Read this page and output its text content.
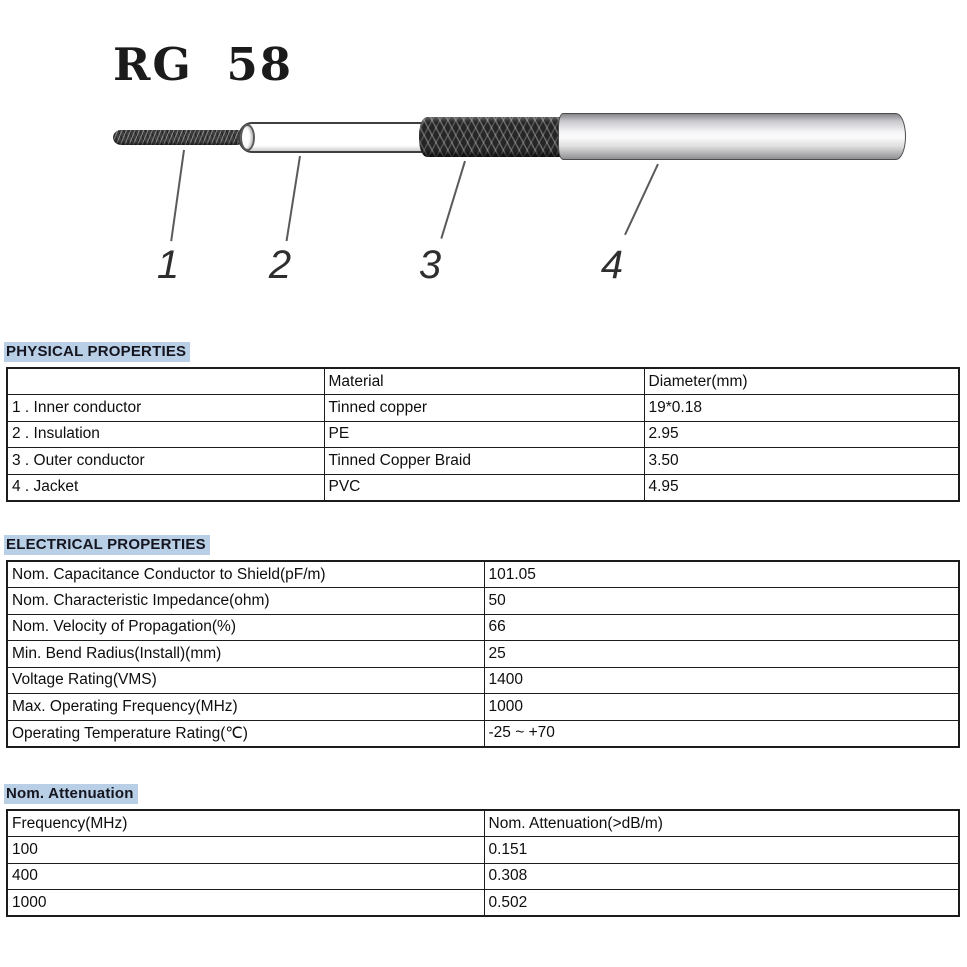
RG 58
1 2	3	4
PHYSICAL PROPERTIES
	Material	Diameter(mm)
1 . Inner conductor	Tinned copper	19*0.18
2 . Insulation	PE	2.95
3 . Outer conductor	Tinned Copper Braid	3.50
4 . Jacket	PVC	4.95
ELECTRICAL PROPERTIES
Nom. Capacitance Conductor to Shield(pF/m)	101.05
Nom. Characteristic Impedance(ohm)	50
Nom. Velocity of Propagation(%)	66
Min. Bend Radius(Install)(mm)	25
Voltage Rating(VMS)	1400
Max. Operating Frequency(MHz)	1000
Operating Temperature Rating(℃)	-25 ~ +70
Nom. Attenuation
Frequency(MHz)	Nom. Attenuation(>dB/m)
100	0.151
400	0.308
1000	0.502
